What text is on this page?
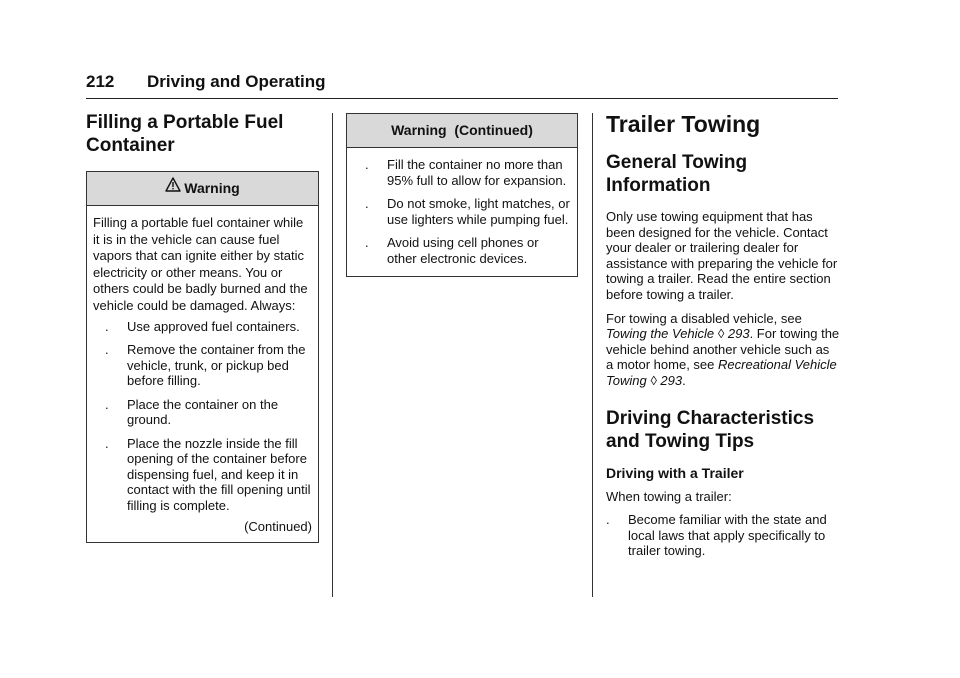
212 Driving and Operating
Filling a Portable Fuel Container
Warning

Filling a portable fuel container while it is in the vehicle can cause fuel vapors that can ignite either by static electricity or other means. You or others could be badly burned and the vehicle could be damaged. Always:

. Use approved fuel containers.
. Remove the container from the vehicle, trunk, or pickup bed before filling.
. Place the container on the ground.
. Place the nozzle inside the fill opening of the container before dispensing fuel, and keep it in contact with the fill opening until filling is complete.
(Continued)
Warning  (Continued)
. Fill the container no more than 95% full to allow for expansion.
. Do not smoke, light matches, or use lighters while pumping fuel.
. Avoid using cell phones or other electronic devices.
Trailer Towing
General Towing Information

Only use towing equipment that has been designed for the vehicle. Contact your dealer or trailering dealer for assistance with preparing the vehicle for towing a trailer. Read the entire section before towing a trailer.

For towing a disabled vehicle, see Towing the Vehicle ◊ 293. For towing the vehicle behind another vehicle such as a motor home, see Recreational Vehicle Towing ◊ 293.

Driving Characteristics and Towing Tips
Driving with a Trailer

When towing a trailer:

. Become familiar with the state and local laws that apply specifically to trailer towing.
